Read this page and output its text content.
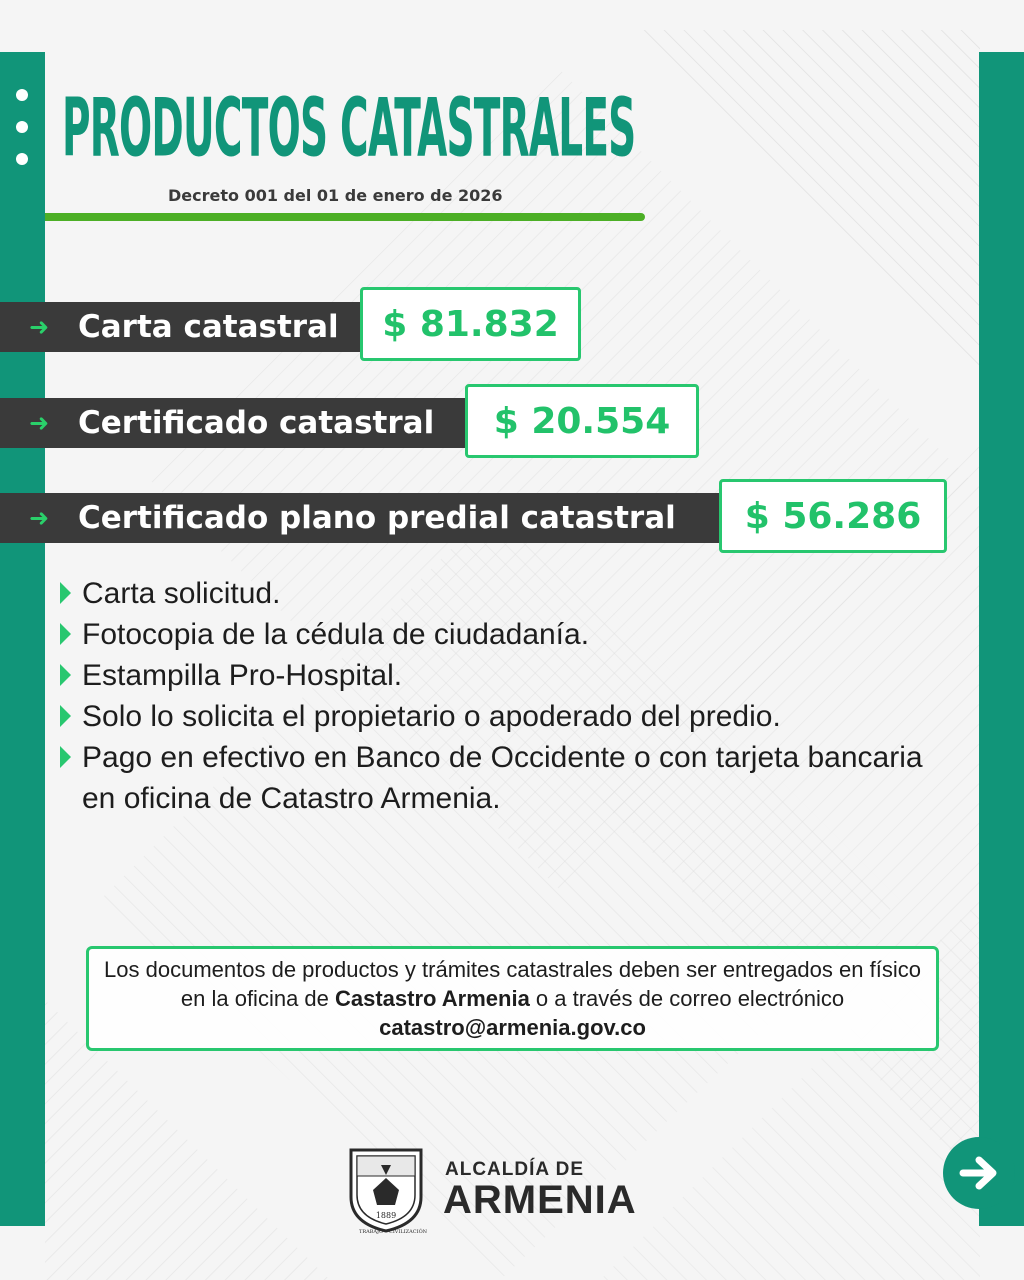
PRODUCTOS CATASTRALES
Decreto 001 del 01 de enero de 2026
➜ Carta catastral	$ 81.832
➜ Certificado catastral	$ 20.554
➜ Certificado plano predial catastral	$ 56.286
Carta solicitud.
Fotocopia de la cédula de ciudadanía.
Estampilla Pro-Hospital.
Solo lo solicita el propietario o apoderado del predio.
Pago en efectivo en Banco de Occidente o con tarjeta bancaria en oficina de Catastro Armenia.
Los documentos de productos y trámites catastrales deben ser entregados en físico en la oficina de Castastro Armenia o a través de correo electrónico catastro@armenia.gov.co
1889
TRABAJO CIVILIZACIÓN
ALCALDÍA DE
ARMENIA
